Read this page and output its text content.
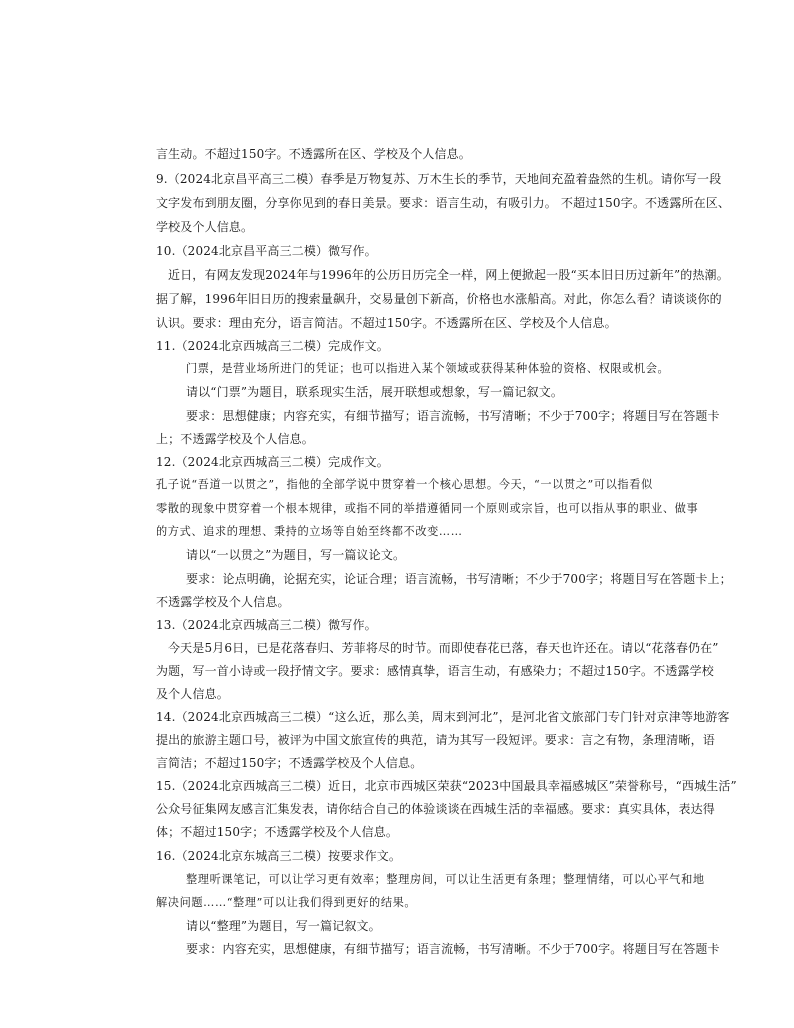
言生动。不超过150字。不透露所在区、学校及个人信息。
9.（2024北京昌平高三二模）春季是万物复苏、万木生长的季节，天地间充盈着盎然的生机。请你写一段
文字发布到朋友圈，分享你见到的春日美景。要求：语言生动，有吸引力。 不超过150字。不透露所在区、
学校及个人信息。
10.（2024北京昌平高三二模）微写作。
近日，有网友发现2024年与1996年的公历日历完全一样，网上便掀起一股“买本旧日历过新年”的热潮。
据了解，1996年旧日历的搜索量飙升，交易量创下新高，价格也水涨船高。对此，你怎么看？请谈谈你的
认识。要求：理由充分，语言简洁。不超过150字。不透露所在区、学校及个人信息。
11.（2024北京西城高三二模）完成作文。
门票，是营业场所进门的凭证；也可以指进入某个领域或获得某种体验的资格、权限或机会。
请以“门票”为题目，联系现实生活，展开联想或想象，写一篇记叙文。
要求：思想健康；内容充实，有细节描写；语言流畅，书写清晰；不少于700字；将题目写在答题卡
上；不透露学校及个人信息。
12.（2024北京西城高三二模）完成作文。
孔子说“吾道一以贯之”，指他的全部学说中贯穿着一个核心思想。今天，“一以贯之”可以指看似
零散的现象中贯穿着一个根本规律，或指不同的举措遵循同一个原则或宗旨，也可以指从事的职业、做事
的方式、追求的理想、秉持的立场等自始至终都不改变……
请以“一以贯之”为题目，写一篇议论文。
要求：论点明确，论据充实，论证合理；语言流畅，书写清晰；不少于700字；将题目写在答题卡上；
不透露学校及个人信息。
13.（2024北京西城高三二模）微写作。
今天是5月6日，已是花落春归、芳菲将尽的时节。而即使春花已落，春天也许还在。请以“花落春仍在”
为题，写一首小诗或一段抒情文字。要求：感情真挚，语言生动，有感染力；不超过150字。不透露学校
及个人信息。
14.（2024北京西城高三二模）“这么近，那么美，周末到河北”，是河北省文旅部门专门针对京津等地游客
提出的旅游主题口号，被评为中国文旅宣传的典范，请为其写一段短评。要求：言之有物，条理清晰，语
言简洁；不超过150字；不透露学校及个人信息。
15.（2024北京西城高三二模）近日，北京市西城区荣获“2023中国最具幸福感城区”荣誉称号，“西城生活”
公众号征集网友感言汇集发表，请你结合自己的体验谈谈在西城生活的幸福感。要求：真实具体，表达得
体；不超过150字；不透露学校及个人信息。
16.（2024北京东城高三二模）按要求作文。
整理听课笔记，可以让学习更有效率；整理房间，可以让生活更有条理；整理情绪，可以心平气和地
解决问题……“整理”可以让我们得到更好的结果。
请以“整理”为题目，写一篇记叙文。
要求：内容充实，思想健康，有细节描写；语言流畅，书写清晰。不少于700字。将题目写在答题卡
